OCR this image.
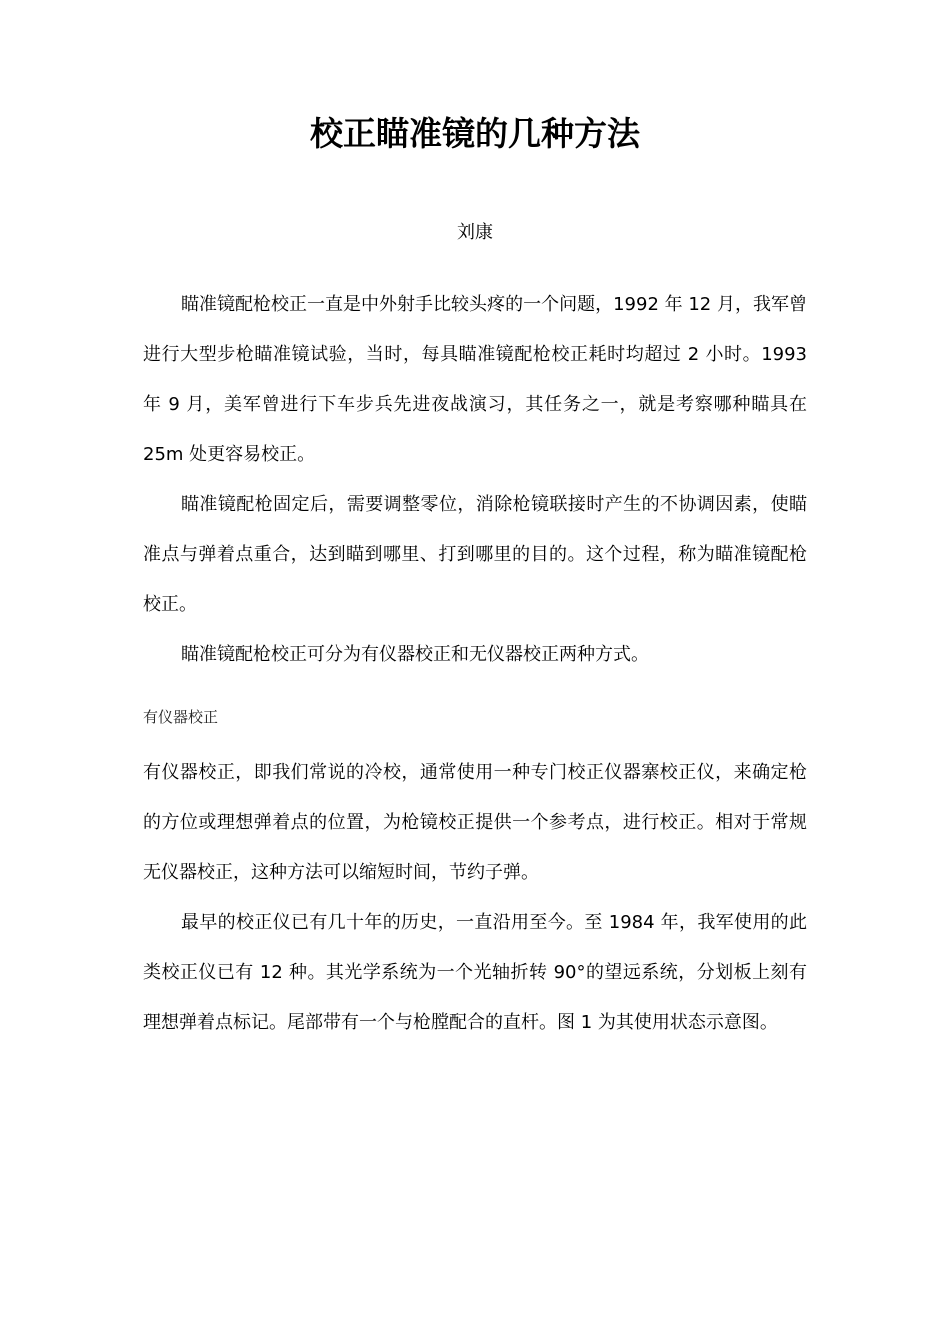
校正瞄准镜的几种方法
刘康

瞄准镜配枪校正一直是中外射手比较头疼的一个问题，1992 年 12 月，我军曾进行大型步枪瞄准镜试验，当时，每具瞄准镜配枪校正耗时均超过 2 小时。1993 年 9 月，美军曾进行下车步兵先进夜战演习，其任务之一，就是考察哪种瞄具在 25m 处更容易校正。

瞄准镜配枪固定后，需要调整零位，消除枪镜联接时产生的不协调因素，使瞄准点与弹着点重合，达到瞄到哪里、打到哪里的目的。这个过程，称为瞄准镜配枪校正。

瞄准镜配枪校正可分为有仪器校正和无仪器校正两种方式。

有仪器校正

有仪器校正，即我们常说的冷校，通常使用一种专门校正仪器寨校正仪，来确定枪的方位或理想弹着点的位置，为枪镜校正提供一个参考点，进行校正。相对于常规无仪器校正，这种方法可以缩短时间，节约子弹。

最早的校正仪已有几十年的历史，一直沿用至今。至 1984 年，我军使用的此类校正仪已有 12 种。其光学系统为一个光轴折转 90°的望远系统，分划板上刻有理想弹着点标记。尾部带有一个与枪膛配合的直杆。图 1 为其使用状态示意图。
